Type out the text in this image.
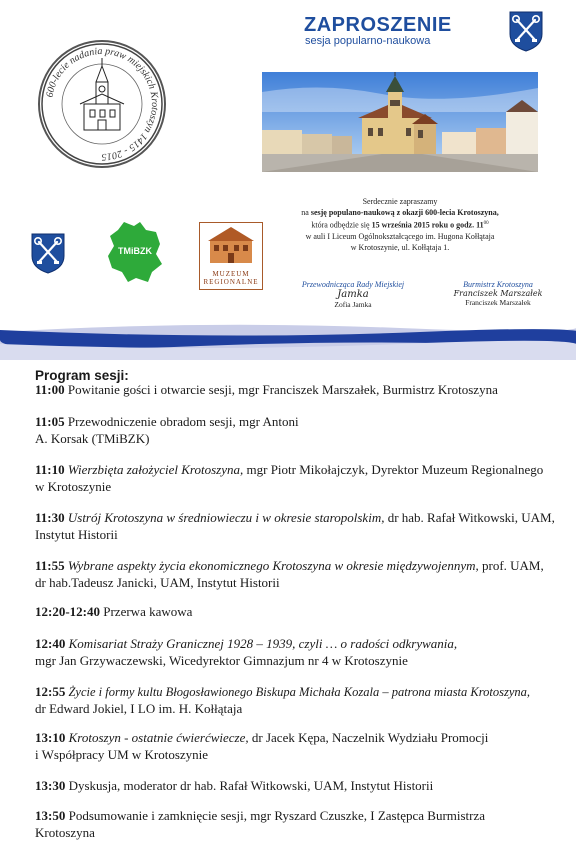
ZAPROSZENIE
sesja popularno-naukowa
600-lecie nadania praw miejskich Krotoszyn 1415 - 2015
Serdecznie zapraszamy
na sesję populano-naukową z okazji 600-lecia Krotoszyna,
która odbędzie się 15 września 2015 roku o godz. $11^{00}$
w auli I Liceum Ogólnokształcącego im. Hugona Kołłątaja
w Krotoszynie, ul. Kołłątaja 1.
TMiBZK
MUZEUM
REGIONALNE	Przewodnicząca Rady Miejskiej
Jamka
Zofia Jamka
Burmistrz Krotoszyna
Franciszek Marszałek
Franciszek Marszałek
Program sesji:
11:00 Powitanie gości i otwarcie sesji, mgr Franciszek Marszałek, Burmistrz Krotoszyna
11:05 Przewodniczenie obradom sesji, mgr Antoni
A. Korsak (TMiBZK)
11:10 Wierzbięta założyciel Krotoszyna, mgr Piotr Mikołajczyk, Dyrektor Muzeum Regionalnego
w Krotoszynie
11:30 Ustrój Krotoszyna w średniowieczu i w okresie staropolskim, dr hab. Rafał Witkowski, UAM,
Instytut Historii
11:55 Wybrane aspekty życia ekonomicznego Krotoszyna w okresie międzywojennym, prof. UAM,
dr hab.Tadeusz Janicki, UAM, Instytut Historii
12:20-12:40 Przerwa kawowa
12:40 Komisariat Straży Granicznej 1928 – 1939, czyli … o radości odkrywania,
mgr Jan Grzywaczewski, Wicedyrektor Gimnazjum nr 4 w Krotoszynie
12:55 Życie i formy kultu Błogosławionego Biskupa Michała Kozala – patrona miasta Krotoszyna,
dr Edward Jokiel, I LO im. H. Kołłątaja
13:10 Krotoszyn - ostatnie ćwierćwiecze, dr Jacek Kępa, Naczelnik Wydziału Promocji
i Współpracy UM w Krotoszynie
13:30 Dyskusja, moderator dr hab. Rafał Witkowski, UAM, Instytut Historii
13:50 Podsumowanie i zamknięcie sesji, mgr Ryszard Czuszke, I Zastępca Burmistrza
Krotoszyna
